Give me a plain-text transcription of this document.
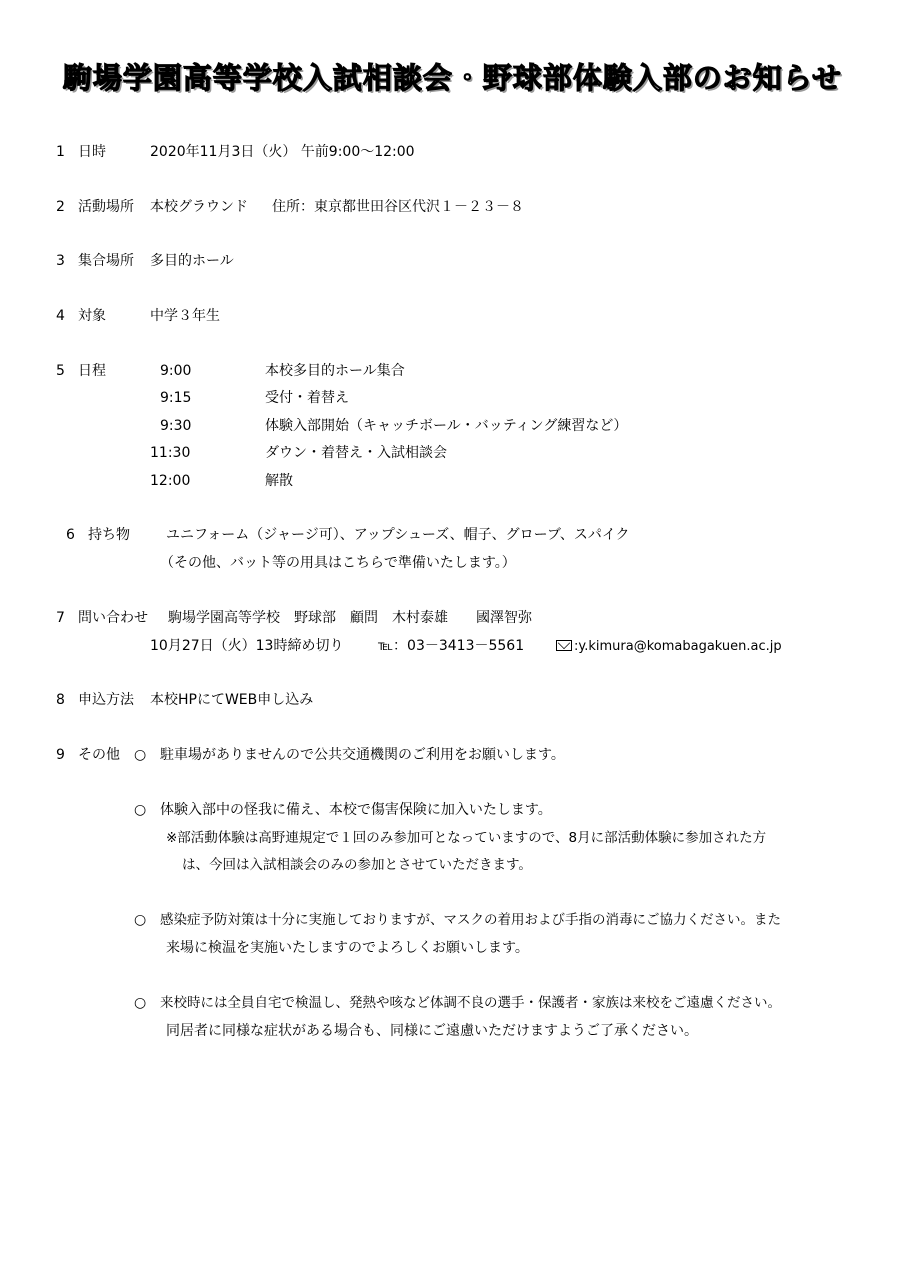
駒場学園高等学校入試相談会・野球部体験入部のお知らせ
1 日時	2020年11月3日（火） 午前9:00～12:00
2 活動場所 本校グラウンド 住所：東京都世田谷区代沢１－２３－８
3 集合場所 多目的ホール
4 対象	中学３年生
5 日程	9:00	本校多目的ホール集合
9:15	受付・着替え
9:30	体験入部開始（キャッチボール・バッティング練習など）
11:30	ダウン・着替え・入試相談会
12:00	解散
6 持ち物	ユニフォーム（ジャージ可）、アップシューズ、帽子、グローブ、スパイク
（その他、バット等の用具はこちらで準備いたします。）
7 問い合わせ 駒場学園高等学校　野球部　顧問　木村泰雄　　國澤智弥
10月27日（火）13時締め切り ℡：03－3413－5561	:y.kimura@komabagakuen.ac.jp
8 申込方法 本校HPにてWEB申し込み
9 その他 ○ 駐車場がありませんので公共交通機関のご利用をお願いします。
○ 体験入部中の怪我に備え、本校で傷害保険に加入いたします。
※部活動体験は高野連規定で１回のみ参加可となっていますので、8月に部活動体験に参加された方
は、今回は入試相談会のみの参加とさせていただきます。
○ 感染症予防対策は十分に実施しておりますが、マスクの着用および手指の消毒にご協力ください。また
来場に検温を実施いたしますのでよろしくお願いします。
○ 来校時には全員自宅で検温し、発熱や咳など体調不良の選手・保護者・家族は来校をご遠慮ください。
同居者に同様な症状がある場合も、同様にご遠慮いただけますようご了承ください。
